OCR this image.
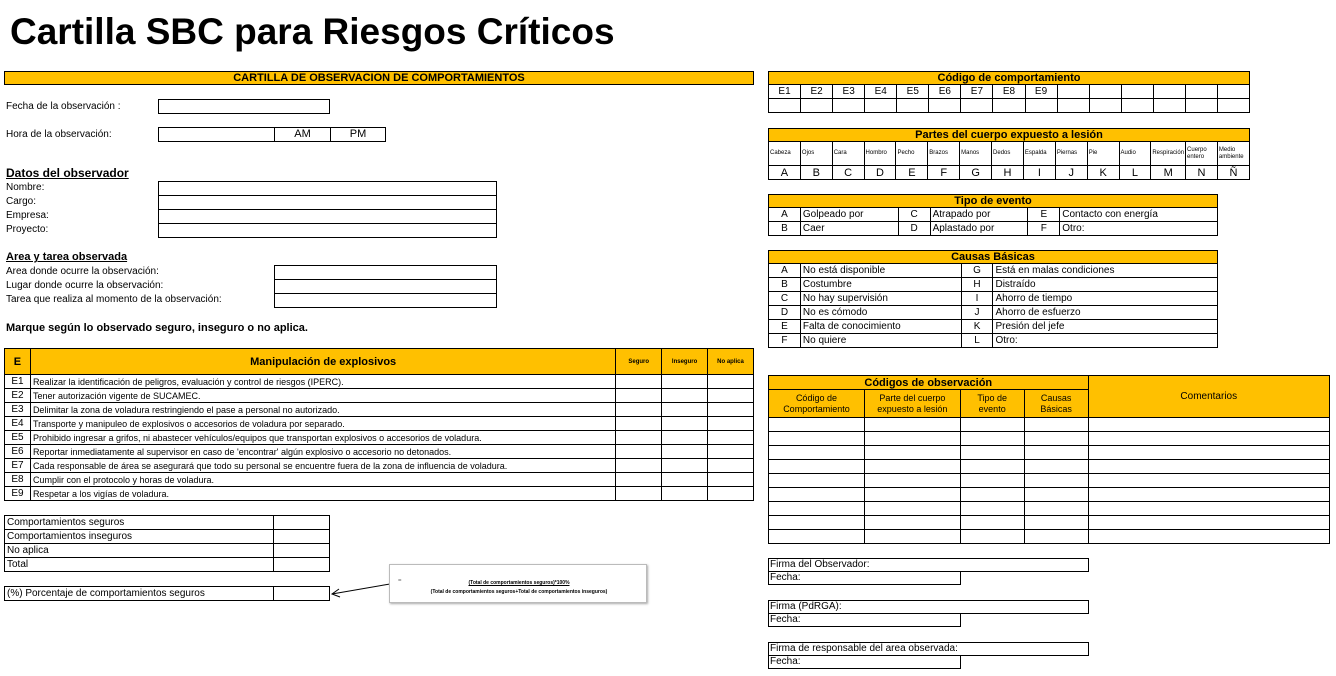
Cartilla SBC para Riesgos Críticos
CARTILLA DE OBSERVACION DE COMPORTAMIENTOS
Fecha de la observación :
Hora de la observación:	AM	PM
Datos del observador
Nombre:
Cargo:
Empresa:
Proyecto:
Area y tarea observada
Area donde ocurre la observación:
Lugar donde ocurre la observación:
Tarea que realiza al momento de la observación:
Marque según lo observado seguro, inseguro o no aplica.
E	Manipulación de explosivos	Seguro	Inseguro	No aplica
E1	Realizar la identificación de peligros, evaluación y control de riesgos (IPERC).			
E2	Tener autorización vigente de SUCAMEC.			
E3	Delimitar la zona de voladura restringiendo el pase a personal no autorizado.			
E4	Transporte y manipuleo de explosivos o accesorios de voladura por separado.			
E5	Prohibido ingresar a grifos, ni abastecer vehículos/equipos que transportan explosivos o accesorios de voladura.			
E6	Reportar inmediatamente al supervisor en caso de 'encontrar' algún explosivo o accesorio no detonados.			
E7	Cada responsable de área se asegurará que todo su personal se encuentre fuera de la zona de influencia de voladura.			
E8	Cumplir con el protocolo y horas de voladura.			
E9	Respetar a los vigías de voladura.			
Comportamientos seguros	
Comportamientos inseguros	
No aplica	
Total	
(%) Porcentaje de comportamientos seguros	
=	(Total de comportamientos seguros)*100%
(Total de comportamientos seguros+Total de comportamientos inseguros)
Código de comportamiento
E1	E2	E3	E4	E5	E6	E7	E8	E9						

Partes del cuerpo expuesto a lesión
Cabeza	Ojos	Cara	Hombro	Pecho	Brazos	Manos	Dedos	Espalda	Piernas	Pie	Audio	Respiración	Cuerpo entero	Medio ambiente
A	B	C	D	E	F	G	H	I	J	K	L	M	N	Ñ
Tipo de evento
A	Golpeado por	C	Atrapado por	E	Contacto con energía
B	Caer	D	Aplastado por	F	Otro:
Causas Básicas
A	No está disponible	G	Está en malas condiciones
B	Costumbre	H	Distraído
C	No hay supervisión	I	Ahorro de tiempo
D	No es cómodo	J	Ahorro de esfuerzo
E	Falta de conocimiento	K	Presión del jefe
F	No quiere	L	Otro:
Códigos de observación				Comentarios
Código de Comportamiento	Parte del cuerpo expuesto a lesión	Tipo de evento	Causas Básicas	

Firma del Observador:
Fecha:
Firma (PdRGA):
Fecha:
Firma de responsable del area observada:
Fecha:
